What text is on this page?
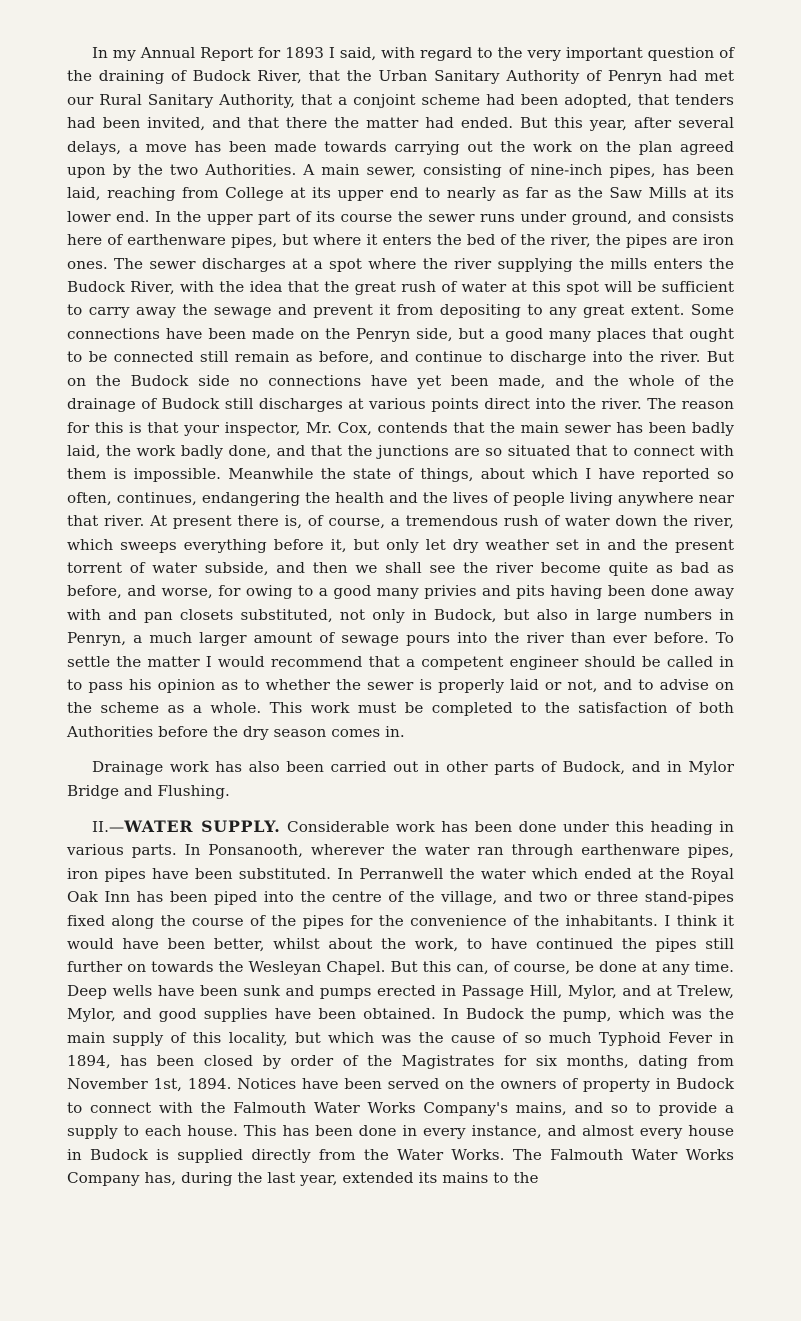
In my Annual Report for 1893 I said, with regard to the very important question of the draining of Budock River, that the Urban Sanitary Authority of Penryn had met our Rural Sanitary Authority, that a conjoint scheme had been adopted, that tenders had been invited, and that there the matter had ended. But this year, after several delays, a move has been made towards carrying out the work on the plan agreed upon by the two Authorities. A main sewer, consisting of nine-inch pipes, has been laid, reaching from College at its upper end to nearly as far as the Saw Mills at its lower end. In the upper part of its course the sewer runs under ground, and consists here of earthenware pipes, but where it enters the bed of the river, the pipes are iron ones. The sewer discharges at a spot where the river supplying the mills enters the Budock River, with the idea that the great rush of water at this spot will be sufficient to carry away the sewage and prevent it from depositing to any great extent. Some connections have been made on the Penryn side, but a good many places that ought to be connected still remain as before, and continue to discharge into the river. But on the Budock side no connections have yet been made, and the whole of the drainage of Budock still discharges at various points direct into the river. The reason for this is that your inspector, Mr. Cox, contends that the main sewer has been badly laid, the work badly done, and that the junctions are so situated that to connect with them is impossible. Meanwhile the state of things, about which I have reported so often, continues, endangering the health and the lives of people living anywhere near that river. At present there is, of course, a tremendous rush of water down the river, which sweeps everything before it, but only let dry weather set in and the present torrent of water subside, and then we shall see the river become quite as bad as before, and worse, for owing to a good many privies and pits having been done away with and pan closets substituted, not only in Budock, but also in large numbers in Penryn, a much larger amount of sewage pours into the river than ever before. To settle the matter I would recommend that a competent engineer should be called in to pass his opinion as to whether the sewer is properly laid or not, and to advise on the scheme as a whole. This work must be completed to the satisfaction of both Authorities before the dry season comes in.

Drainage work has also been carried out in other parts of Budock, and in Mylor Bridge and Flushing.

II.—WATER SUPPLY. Considerable work has been done under this heading in various parts. In Ponsanooth, wherever the water ran through earthenware pipes, iron pipes have been substituted. In Perranwell the water which ended at the Royal Oak Inn has been piped into the centre of the village, and two or three stand-pipes fixed along the course of the pipes for the convenience of the inhabitants. I think it would have been better, whilst about the work, to have continued the pipes still further on towards the Wesleyan Chapel. But this can, of course, be done at any time. Deep wells have been sunk and pumps erected in Passage Hill, Mylor, and at Trelew, Mylor, and good supplies have been obtained. In Budock the pump, which was the main supply of this locality, but which was the cause of so much Typhoid Fever in 1894, has been closed by order of the Magistrates for six months, dating from November 1st, 1894. Notices have been served on the owners of property in Budock to connect with the Falmouth Water Works Company's mains, and so to provide a supply to each house. This has been done in every instance, and almost every house in Budock is supplied directly from the Water Works. The Falmouth Water Works Company has, during the last year, extended its mains to the
